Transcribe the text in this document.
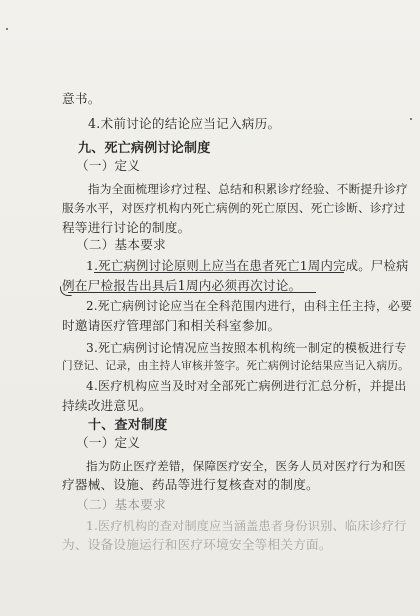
意书。
4.术前讨论的结论应当记入病历。
九、死亡病例讨论制度
（一）定义
指为全面梳理诊疗过程、总结和积累诊疗经验、不断提升诊疗
服务水平，对医疗机构内死亡病例的死亡原因、死亡诊断、诊疗过
程等进行讨论的制度。
（二）基本要求
1.死亡病例讨论原则上应当在患者死亡1周内完成。尸检病
例在尸检报告出具后1周内必须再次讨论。
2.死亡病例讨论应当在全科范围内进行，由科主任主持，必要
时邀请医疗管理部门和相关科室参加。
3.死亡病例讨论情况应当按照本机构统一制定的模板进行专
门登记、记录，由主持人审核并签字。死亡病例讨论结果应当记入病历。
4.医疗机构应当及时对全部死亡病例进行汇总分析，并提出
持续改进意见。
十、查对制度
（一）定义
指为防止医疗差错，保障医疗安全，医务人员对医疗行为和医
疗器械、设施、药品等进行复核查对的制度。
（二）基本要求
1.医疗机构的查对制度应当涵盖患者身份识别、临床诊疗行
为、设备设施运行和医疗环境安全等相关方面。
